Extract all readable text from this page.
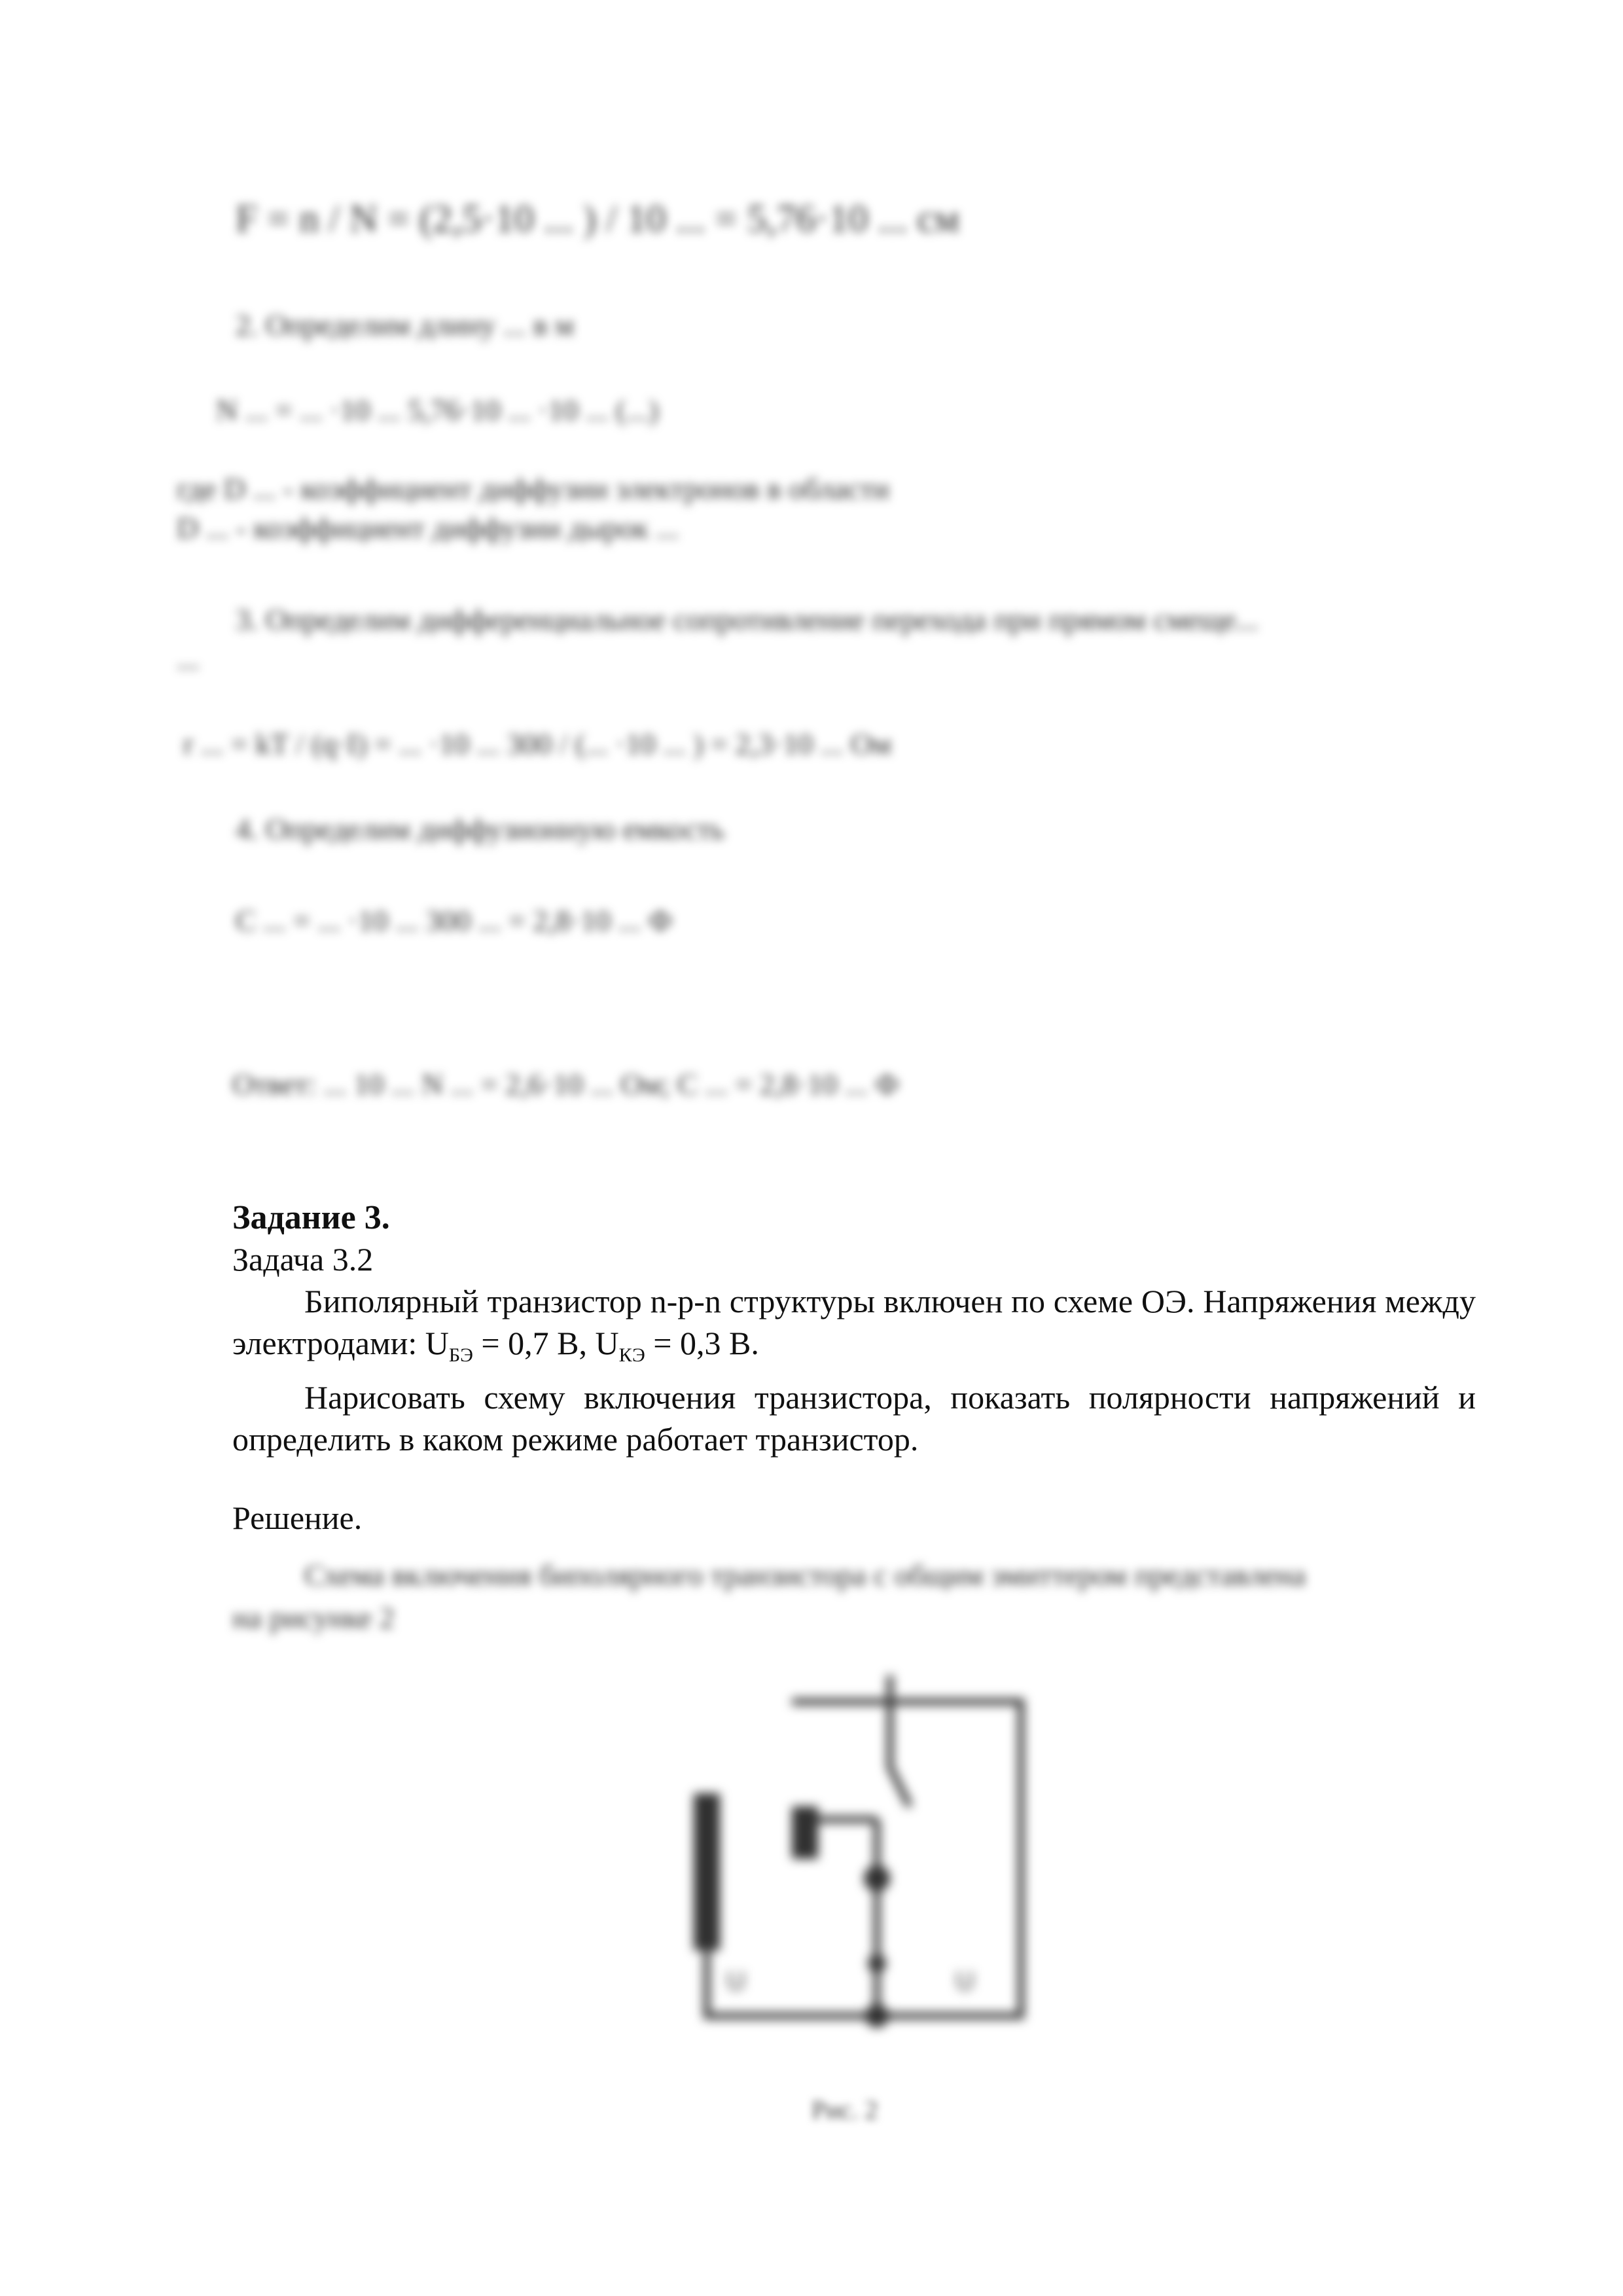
F = n / N = (2,5·10 ... ) / 10 ... = 5,76·10 ... см
2. Определим длину ... в м
N ... = ... ·10 ... 5,76·10 ... ·10 ... (...)
где D ... - коэффициент диффузии электронов в области
D ... - коэффициент диффузии дырок ...
3. Определим дифференциальное сопротивление перехода при прямом смеще...
...
r ... = kT / (q·I) = ... ·10 ... 300 / (... ·10 ... ) = 2,3·10 ... Ом
4. Определим диффузионную емкость
C ... = ... ·10 ... 300 ... = 2,8·10 ... Ф
Ответ: ... 10 ... N ... = 2,6·10 ... Ом; C ... = 2,8·10 ... Ф

Задание 3.

Задача 3.2

Биполярный транзистор n-p-n структуры включен по схеме ОЭ. Напряжения между электродами: $U_{БЭ} = 0,7$ В, $U_{КЭ} = 0,3$ В.

Нарисовать схему включения транзистора, показать полярности напряжений и определить в каком режиме работает транзистор.

Решение.

Схема включения биполярного транзистора с общим эмиттером представлена
на рисунке 2
U	U
Рис. 2
